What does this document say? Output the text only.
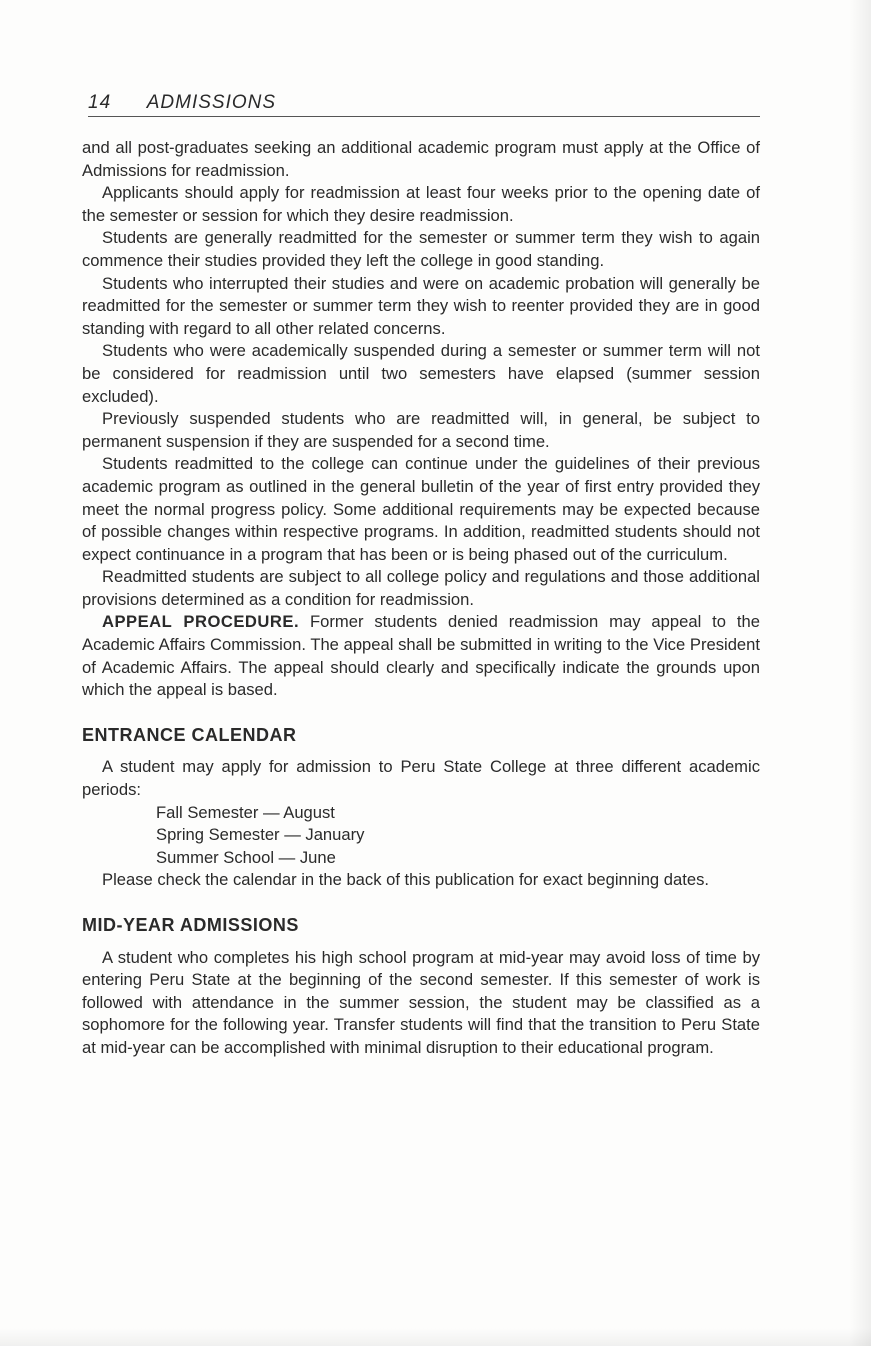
14 ADMISSIONS

and all post-graduates seeking an additional academic program must apply at the Office of Admissions for readmission.

Applicants should apply for readmission at least four weeks prior to the opening date of the semester or session for which they desire readmission.

Students are generally readmitted for the semester or summer term they wish to again commence their studies provided they left the college in good standing.

Students who interrupted their studies and were on academic probation will generally be readmitted for the semester or summer term they wish to reenter provided they are in good standing with regard to all other related concerns.

Students who were academically suspended during a semester or summer term will not be considered for readmission until two semesters have elapsed (summer session excluded).

Previously suspended students who are readmitted will, in general, be subject to permanent suspension if they are suspended for a second time.

Students readmitted to the college can continue under the guidelines of their previous academic program as outlined in the general bulletin of the year of first entry provided they meet the normal progress policy. Some additional requirements may be expected because of possible changes within respective programs. In addition, readmitted students should not expect continuance in a program that has been or is being phased out of the curriculum.

Readmitted students are subject to all college policy and regulations and those additional provisions determined as a condition for readmission.

APPEAL PROCEDURE. Former students denied readmission may appeal to the Academic Affairs Commission. The appeal shall be submitted in writing to the Vice President of Academic Affairs. The appeal should clearly and specifically indicate the grounds upon which the appeal is based.

ENTRANCE CALENDAR

A student may apply for admission to Peru State College at three different academic periods:

Fall Semester — August
Spring Semester — January
Summer School — June

Please check the calendar in the back of this publication for exact beginning dates.

MID-YEAR ADMISSIONS

A student who completes his high school program at mid-year may avoid loss of time by entering Peru State at the beginning of the second semester. If this semester of work is followed with attendance in the summer session, the student may be classified as a sophomore for the following year. Transfer students will find that the transition to Peru State at mid-year can be accomplished with minimal disruption to their educational program.
